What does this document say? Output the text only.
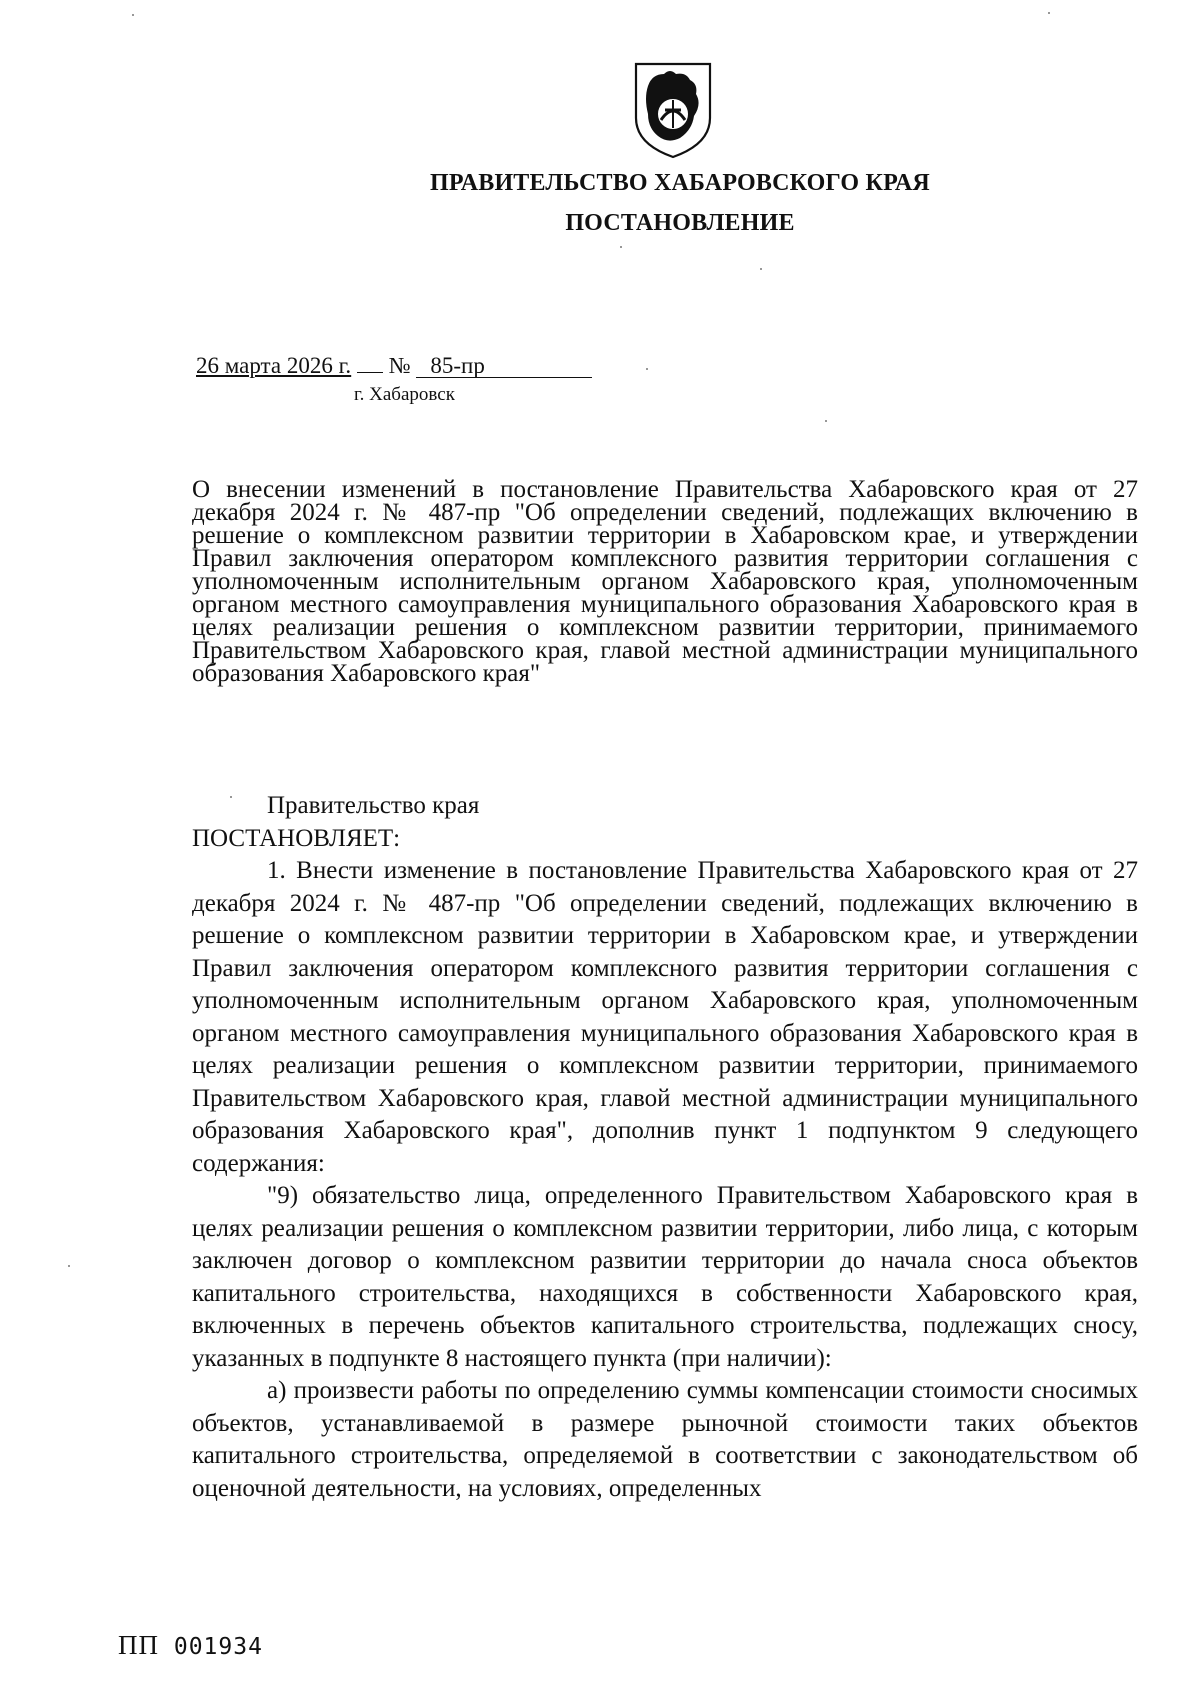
ПРАВИТЕЛЬСТВО ХАБАРОВСКОГО КРАЯ
ПОСТАНОВЛЕНИЕ
26 марта 2026 г. № 85-пр
г. Хабаровск
О внесении изменений в постановление Правительства Хабаровского края от 27 декабря 2024 г. № 487-пр "Об определении сведений, подлежащих включению в решение о комплексном развитии территории в Хабаровском крае, и утверждении Правил заключения оператором комплексного развития территории соглашения с уполномоченным исполнительным органом Хабаровского края, уполномоченным органом местного самоуправления муниципального образования Хабаровского края в целях реализации решения о комплексном развитии территории, принимаемого Правительством Хабаровского края, главой местной администрации муниципального образования Хабаровского края"

Правительство края

ПОСТАНОВЛЯЕТ:

1. Внести изменение в постановление Правительства Хабаровского края от 27 декабря 2024 г. № 487-пр "Об определении сведений, подлежащих включению в решение о комплексном развитии территории в Хабаровском крае, и утверждении Правил заключения оператором комплексного развития территории соглашения с уполномоченным исполнительным органом Хабаровского края, уполномоченным органом местного самоуправления муниципального образования Хабаровского края в целях реализации решения о комплексном развитии территории, принимаемого Правительством Хабаровского края, главой местной администрации муниципального образования Хабаровского края", дополнив пункт 1 подпунктом 9 следующего содержания:

"9) обязательство лица, определенного Правительством Хабаровского края в целях реализации решения о комплексном развитии территории, либо лица, с которым заключен договор о комплексном развитии территории до начала сноса объектов капитального строительства, находящихся в собственности Хабаровского края, включенных в перечень объектов капитального строительства, подлежащих сносу, указанных в подпункте 8 настоящего пункта (при наличии):

а) произвести работы по определению суммы компенсации стоимости сносимых объектов, устанавливаемой в размере рыночной стоимости таких объектов капитального строительства, определяемой в соответствии с законодательством об оценочной деятельности, на условиях, определенных

ПП 001934
